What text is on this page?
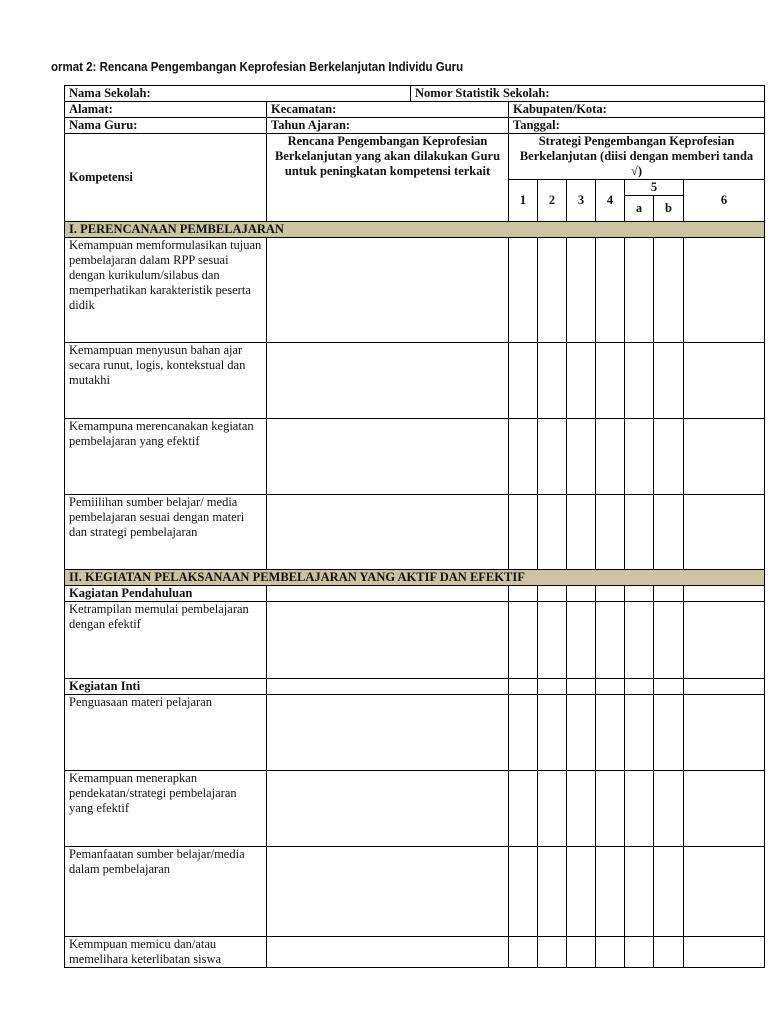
ormat 2: Rencana Pengembangan Keprofesian Berkelanjutan Individu Guru
Nama Sekolah:		Nomor Statistik Sekolah:							
Alamat:	Kecamatan:		Kabupaten/Kota:						
Nama Guru:	Tahun Ajaran:		Tanggal:						
Kompetensi	Rencana Pengembangan Keprofesian Berkelanjutan yang akan dilakukan Guru untuk peningkatan kompetensi terkait		Strategi Pengembangan Keprofesian Berkelanjutan (diisi dengan memberi tanda √)						
			1	2	3	4	5		6
							a	b	
I. PERENCANAAN PEMBELAJARAN									
Kemampuan memformulasikan tujuan pembelajaran dalam RPP sesuai dengan kurikulum/silabus dan memperhatikan karakteristik peserta didik									
Kemampuan menyusun bahan ajar secara runut, logis, kontekstual dan mutakhi									
Kemampuna merencanakan kegiatan pembelajaran yang efektif									
Pemiilihan sumber belajar/ media pembelajaran sesuai dengan materi dan strategi pembelajaran									
II. KEGIATAN PELAKSANAAN PEMBELAJARAN YANG AKTIF DAN EFEKTIF									
Kagiatan Pendahuluan									
Ketrampilan memulai pembelajaran dengan efektif									
Kegiatan Inti									
Penguasaan materi pelajaran									
Kemampuan menerapkan pendekatan/strategi pembelajaran yang efektif									
Pemanfaatan sumber belajar/media dalam pembelajaran									
Kemmpuan memicu dan/atau memelihara keterlibatan siswa									
